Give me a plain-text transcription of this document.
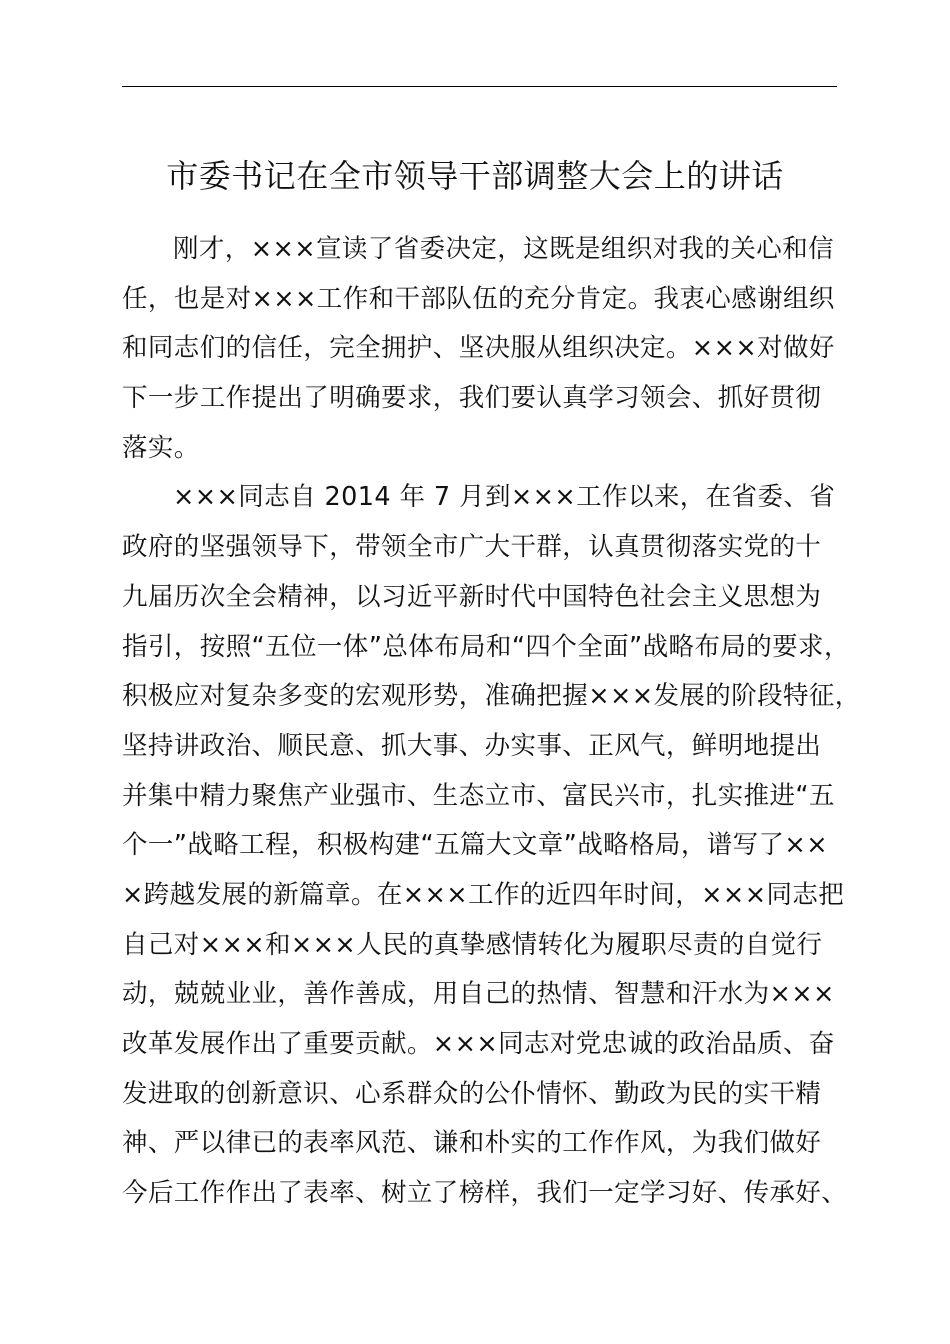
市委书记在全市领导干部调整大会上的讲话
刚才，×××宣读了省委决定，这既是组织对我的关心和信
任，也是对×××工作和干部队伍的充分肯定。我衷心感谢组织
和同志们的信任，完全拥护、坚决服从组织决定。×××对做好
下一步工作提出了明确要求，我们要认真学习领会、抓好贯彻
落实。
×××同志自 2014 年 7 月到×××工作以来，在省委、省
政府的坚强领导下，带领全市广大干群，认真贯彻落实党的十
九届历次全会精神，以习近平新时代中国特色社会主义思想为
指引，按照“五位一体”总体布局和“四个全面”战略布局的要求，
积极应对复杂多变的宏观形势，准确把握×××发展的阶段特征，
坚持讲政治、顺民意、抓大事、办实事、正风气，鲜明地提出
并集中精力聚焦产业强市、生态立市、富民兴市，扎实推进“五
个一”战略工程，积极构建“五篇大文章”战略格局，谱写了××
×跨越发展的新篇章。在×××工作的近四年时间，×××同志把
自己对×××和×××人民的真挚感情转化为履职尽责的自觉行
动，兢兢业业，善作善成，用自己的热情、智慧和汗水为×××
改革发展作出了重要贡献。×××同志对党忠诚的政治品质、奋
发进取的创新意识、心系群众的公仆情怀、勤政为民的实干精
神、严以律已的表率风范、谦和朴实的工作作风，为我们做好
今后工作作出了表率、树立了榜样，我们一定学习好、传承好、
